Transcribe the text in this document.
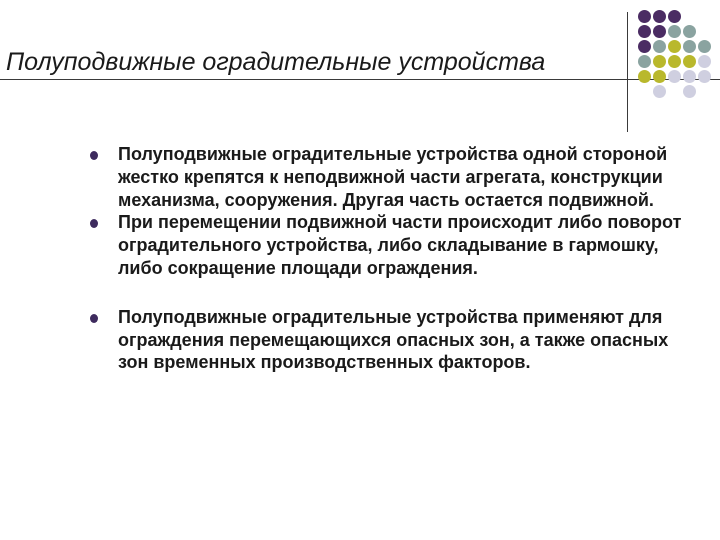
Полуподвижные оградительные устройства
Полуподвижные оградительные устройства одной стороной жестко крепятся к неподвижной части агрегата, конструкции механизма, сооружения. Другая часть остается подвижной.
При перемещении подвижной части происходит либо поворот оградительного устройства, либо складывание в гармошку, либо сокращение площади ограждения.
Полуподвижные оградительные устройства применяют для ограждения перемещающихся опасных зон, а также опасных зон временных производственных факторов.
